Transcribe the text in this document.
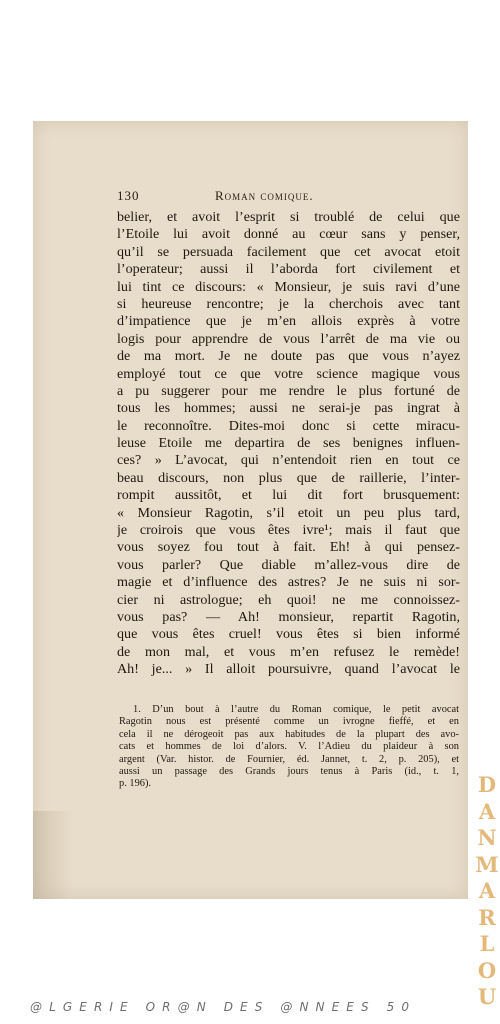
130	Roman comique.
belier, et avoit l’esprit si troublé de celui que
l’Etoile lui avoit donné au cœur sans y penser,
qu’il se persuada facilement que cet avocat etoit
l’operateur; aussi il l’aborda fort civilement et
lui tint ce discours: « Monsieur, je suis ravi d’une
si heureuse rencontre; je la cherchois avec tant
d’impatience que je m’en allois exprès à votre
logis pour apprendre de vous l’arrêt de ma vie ou
de ma mort. Je ne doute pas que vous n’ayez
employé tout ce que votre science magique vous
a pu suggerer pour me rendre le plus fortuné de
tous les hommes; aussi ne serai-je pas ingrat à
le reconnoître. Dites-moi donc si cette miracu-
leuse Etoile me departira de ses benignes influen-
ces? » L’avocat, qui n’entendoit rien en tout ce
beau discours, non plus que de raillerie, l’inter-
rompit aussitôt, et lui dit fort brusquement:
« Monsieur Ragotin, s’il etoit un peu plus tard,
je croirois que vous êtes ivre¹; mais il faut que
vous soyez fou tout à fait. Eh! à qui pensez-
vous parler? Que diable m’allez-vous dire de
magie et d’influence des astres? Je ne suis ni sor-
cier ni astrologue; eh quoi! ne me connoissez-
vous pas? — Ah! monsieur, repartit Ragotin,
que vous êtes cruel! vous êtes si bien informé
de mon mal, et vous m’en refusez le remède!
Ah! je... » Il alloit poursuivre, quand l’avocat le
1. D’un bout à l’autre du Roman comique, le petit avocat
Ragotin nous est présenté comme un ivrogne fieffé, et en
cela il ne dérogeoit pas aux habitudes de la plupart des avo-
cats et hommes de loi d’alors. V. l’Adieu du plaideur à son
argent (Var. histor. de Fournier, éd. Jannet, t. 2, p. 205), et
aussi un passage des Grands jours tenus à Paris (id., t. 1,
p. 196).	DANMARLOU
@LGERIE OR@N DES @NNEES 50
